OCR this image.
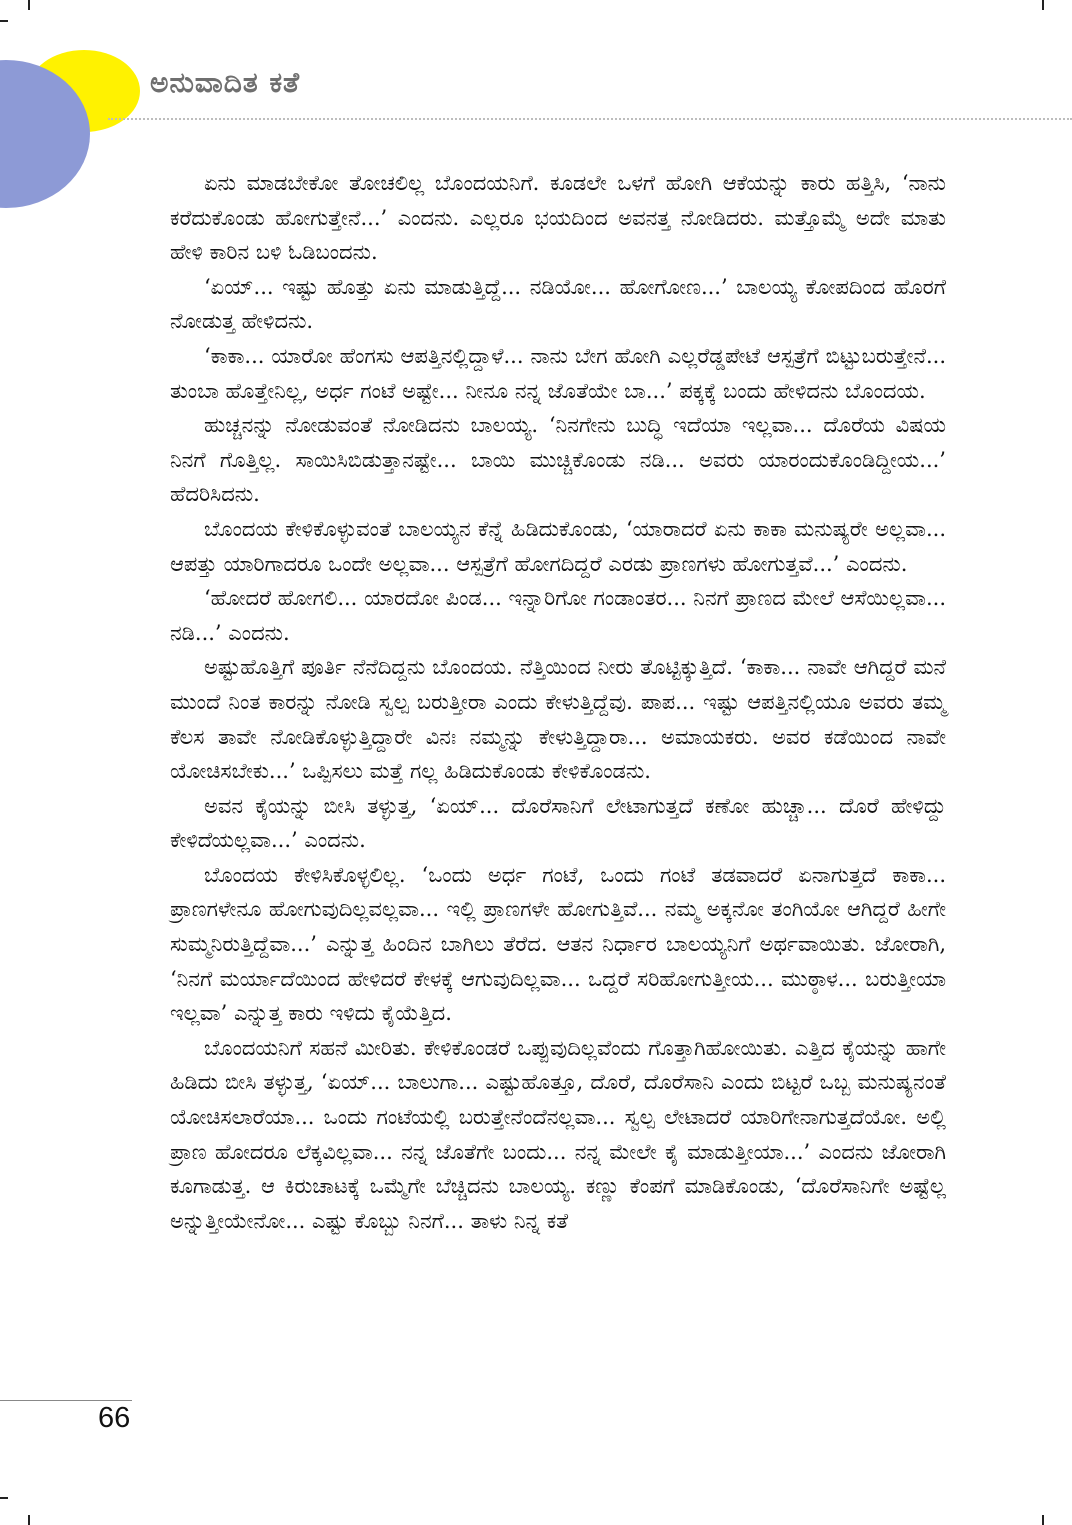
ಅನುವಾದಿತ ಕತೆ

ಏನು ಮಾಡಬೇಕೋ ತೋಚಲಿಲ್ಲ ಬೊಂದಯನಿಗೆ. ಕೂಡಲೇ ಒಳಗೆ ಹೋಗಿ ಆಕೆಯನ್ನು ಕಾರು ಹತ್ತಿಸಿ, ‘ನಾನು ಕರೆದುಕೊಂಡು ಹೋಗುತ್ತೇನೆ...’ ಎಂದನು. ಎಲ್ಲರೂ ಭಯದಿಂದ ಅವನತ್ತ ನೋಡಿದರು. ಮತ್ತೊಮ್ಮೆ ಅದೇ ಮಾತು ಹೇಳಿ ಕಾರಿನ ಬಳಿ ಓಡಿಬಂದನು.

‘ಏಯ್... ಇಷ್ಟು ಹೊತ್ತು ಏನು ಮಾಡುತ್ತಿದ್ದೆ... ನಡಿಯೋ... ಹೋಗೋಣ...’ ಬಾಲಯ್ಯ ಕೋಪದಿಂದ ಹೊರಗೆ ನೋಡುತ್ತ ಹೇಳಿದನು.

‘ಕಾಕಾ... ಯಾರೋ ಹೆಂಗಸು ಆಪತ್ತಿನಲ್ಲಿದ್ದಾಳೆ... ನಾನು ಬೇಗ ಹೋಗಿ ಎಲ್ಲರೆಡ್ಡಪೇಟೆ ಆಸ್ಪತ್ರೆಗೆ ಬಿಟ್ಟುಬರುತ್ತೇನೆ... ತುಂಬಾ ಹೊತ್ತೇನಿಲ್ಲ, ಅರ್ಧ ಗಂಟೆ ಅಷ್ಟೇ... ನೀನೂ ನನ್ನ ಜೊತೆಯೇ ಬಾ...’ ಪಕ್ಕಕ್ಕೆ ಬಂದು ಹೇಳಿದನು ಬೊಂದಯ.

ಹುಚ್ಚನನ್ನು ನೋಡುವಂತೆ ನೋಡಿದನು ಬಾಲಯ್ಯ. ‘ನಿನಗೇನು ಬುದ್ಧಿ ಇದೆಯಾ ಇಲ್ಲವಾ... ದೊರೆಯ ವಿಷಯ ನಿನಗೆ ಗೊತ್ತಿಲ್ಲ. ಸಾಯಿಸಿಬಿಡುತ್ತಾನಷ್ಟೇ... ಬಾಯಿ ಮುಚ್ಚಿಕೊಂಡು ನಡಿ... ಅವರು ಯಾರಂದುಕೊಂಡಿದ್ದೀಯ...’ ಹೆದರಿಸಿದನು.

ಬೊಂದಯ ಕೇಳಿಕೊಳ್ಳುವಂತೆ ಬಾಲಯ್ಯನ ಕೆನ್ನೆ ಹಿಡಿದುಕೊಂಡು, ‘ಯಾರಾದರೆ ಏನು ಕಾಕಾ ಮನುಷ್ಯರೇ ಅಲ್ಲವಾ... ಆಪತ್ತು ಯಾರಿಗಾದರೂ ಒಂದೇ ಅಲ್ಲವಾ... ಆಸ್ಪತ್ರೆಗೆ ಹೋಗದಿದ್ದರೆ ಎರಡು ಪ್ರಾಣಗಳು ಹೋಗುತ್ತವೆ...’ ಎಂದನು.

‘ಹೋದರೆ ಹೋಗಲಿ... ಯಾರದೋ ಪಿಂಡ... ಇನ್ನಾರಿಗೋ ಗಂಡಾಂತರ... ನಿನಗೆ ಪ್ರಾಣದ ಮೇಲೆ ಆಸೆಯಿಲ್ಲವಾ... ನಡಿ...’ ಎಂದನು.

ಅಷ್ಟುಹೊತ್ತಿಗೆ ಪೂರ್ತಿ ನೆನೆದಿದ್ದನು ಬೊಂದಯ. ನೆತ್ತಿಯಿಂದ ನೀರು ತೊಟ್ಟಿಕ್ಕುತ್ತಿದೆ. ‘ಕಾಕಾ... ನಾವೇ ಆಗಿದ್ದರೆ ಮನೆ ಮುಂದೆ ನಿಂತ ಕಾರನ್ನು ನೋಡಿ ಸ್ವಲ್ಪ ಬರುತ್ತೀರಾ ಎಂದು ಕೇಳುತ್ತಿದ್ದೆವು. ಪಾಪ... ಇಷ್ಟು ಆಪತ್ತಿನಲ್ಲಿಯೂ ಅವರು ತಮ್ಮ ಕೆಲಸ ತಾವೇ ನೋಡಿಕೊಳ್ಳುತ್ತಿದ್ದಾರೇ ವಿನಃ ನಮ್ಮನ್ನು ಕೇಳುತ್ತಿದ್ದಾರಾ... ಅಮಾಯಕರು. ಅವರ ಕಡೆಯಿಂದ ನಾವೇ ಯೋಚಿಸಬೇಕು...’ ಒಪ್ಪಿಸಲು ಮತ್ತೆ ಗಲ್ಲ ಹಿಡಿದುಕೊಂಡು ಕೇಳಿಕೊಂಡನು.

ಅವನ ಕೈಯನ್ನು ಬೀಸಿ ತಳ್ಳುತ್ತ, ‘ಏಯ್... ದೊರೆಸಾನಿಗೆ ಲೇಟಾಗುತ್ತದೆ ಕಣೋ ಹುಚ್ಚಾ... ದೊರೆ ಹೇಳಿದ್ದು ಕೇಳಿದೆಯಲ್ಲವಾ...’ ಎಂದನು.

ಬೊಂದಯ ಕೇಳಿಸಿಕೊಳ್ಳಲಿಲ್ಲ. ‘ಒಂದು ಅರ್ಧ ಗಂಟೆ, ಒಂದು ಗಂಟೆ ತಡವಾದರೆ ಏನಾಗುತ್ತದೆ ಕಾಕಾ... ಪ್ರಾಣಗಳೇನೂ ಹೋಗುವುದಿಲ್ಲವಲ್ಲವಾ... ಇಲ್ಲಿ ಪ್ರಾಣಗಳೇ ಹೋಗುತ್ತಿವೆ... ನಮ್ಮ ಅಕ್ಕನೋ ತಂಗಿಯೋ ಆಗಿದ್ದರೆ ಹೀಗೇ ಸುಮ್ಮನಿರುತ್ತಿದ್ದೆವಾ...’ ಎನ್ನುತ್ತ ಹಿಂದಿನ ಬಾಗಿಲು ತೆರೆದ. ಆತನ ನಿರ್ಧಾರ ಬಾಲಯ್ಯನಿಗೆ ಅರ್ಥವಾಯಿತು. ಜೋರಾಗಿ, ‘ನಿನಗೆ ಮರ್ಯಾದೆಯಿಂದ ಹೇಳಿದರೆ ಕೇಳಕ್ಕೆ ಆಗುವುದಿಲ್ಲವಾ... ಒದ್ದರೆ ಸರಿಹೋಗುತ್ತೀಯ... ಮುಠ್ಠಾಳ... ಬರುತ್ತೀಯಾ ಇಲ್ಲವಾ’ ಎನ್ನುತ್ತ ಕಾರು ಇಳಿದು ಕೈಯೆತ್ತಿದ.

ಬೊಂದಯನಿಗೆ ಸಹನೆ ಮೀರಿತು. ಕೇಳಿಕೊಂಡರೆ ಒಪ್ಪುವುದಿಲ್ಲವೆಂದು ಗೊತ್ತಾಗಿಹೋಯಿತು. ಎತ್ತಿದ ಕೈಯನ್ನು ಹಾಗೇ ಹಿಡಿದು ಬೀಸಿ ತಳ್ಳುತ್ತ, ‘ಏಯ್... ಬಾಲುಗಾ... ಎಷ್ಟುಹೊತ್ತೂ, ದೊರೆ, ದೊರೆಸಾನಿ ಎಂದು ಬಿಟ್ಟರೆ ಒಬ್ಬ ಮನುಷ್ಯನಂತೆ ಯೋಚಿಸಲಾರೆಯಾ... ಒಂದು ಗಂಟೆಯಲ್ಲಿ ಬರುತ್ತೇನೆಂದೆನಲ್ಲವಾ... ಸ್ವಲ್ಪ ಲೇಟಾದರೆ ಯಾರಿಗೇನಾಗುತ್ತದೆಯೋ. ಅಲ್ಲಿ ಪ್ರಾಣ ಹೋದರೂ ಲೆಕ್ಕವಿಲ್ಲವಾ... ನನ್ನ ಜೊತೆಗೇ ಬಂದು... ನನ್ನ ಮೇಲೇ ಕೈ ಮಾಡುತ್ತೀಯಾ...’ ಎಂದನು ಜೋರಾಗಿ ಕೂಗಾಡುತ್ತ. ಆ ಕಿರುಚಾಟಕ್ಕೆ ಒಮ್ಮೆಗೇ ಬೆಚ್ಚಿದನು ಬಾಲಯ್ಯ. ಕಣ್ಣು ಕೆಂಪಗೆ ಮಾಡಿಕೊಂಡು, ‘ದೊರೆಸಾನಿಗೇ ಅಷ್ಟೆಲ್ಲ ಅನ್ನುತ್ತೀಯೇನೋ... ಎಷ್ಟು ಕೊಬ್ಬು ನಿನಗೆ... ತಾಳು ನಿನ್ನ ಕತೆ

66
